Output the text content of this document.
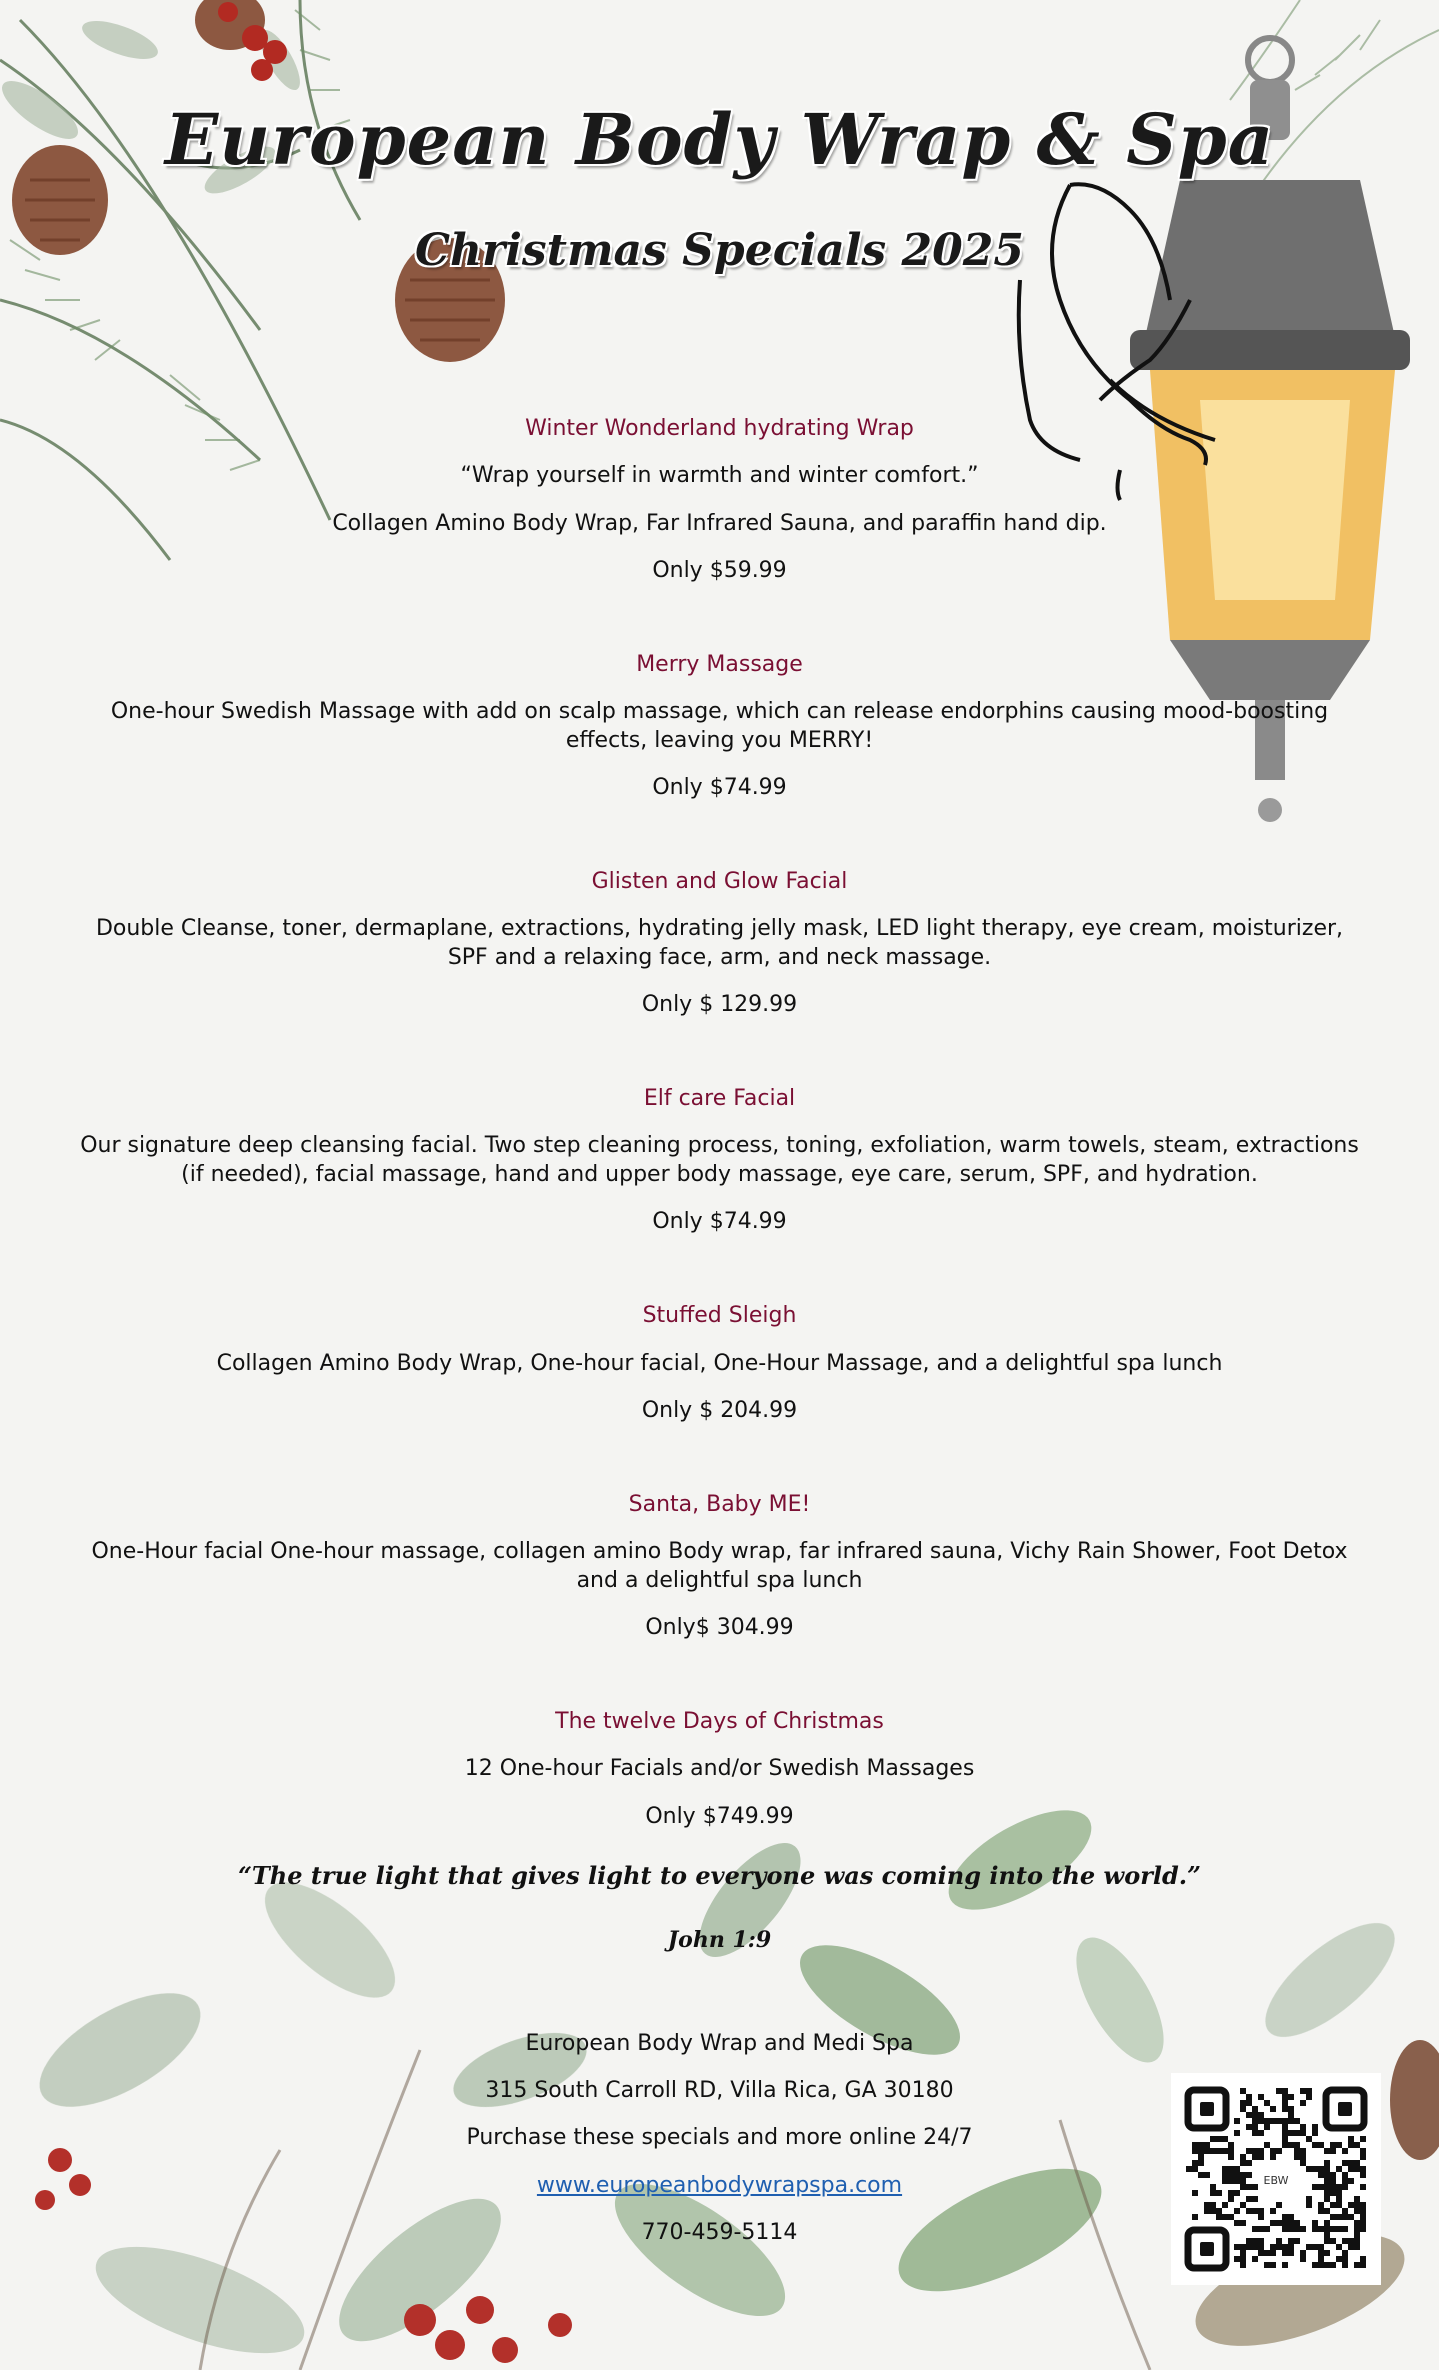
European Body Wrap & Spa
Christmas Specials 2025
Winter Wonderland hydrating Wrap
“Wrap yourself in warmth and winter comfort.”
Collagen Amino Body Wrap, Far Infrared Sauna, and paraffin hand dip.
Only $59.99
Merry Massage
One-hour Swedish Massage with add on scalp massage, which can release endorphins causing mood-boosting effects, leaving you MERRY!
Only $74.99
Glisten and Glow Facial
Double Cleanse, toner, dermaplane, extractions, hydrating jelly mask, LED light therapy, eye cream, moisturizer, SPF and a relaxing face, arm, and neck massage.
Only $ 129.99
Elf care Facial
Our signature deep cleansing facial. Two step cleaning process, toning, exfoliation, warm towels, steam, extractions (if needed), facial massage, hand and upper body massage, eye care, serum, SPF, and hydration.
Only $74.99
Stuffed Sleigh
Collagen Amino Body Wrap, One-hour facial, One-Hour Massage, and a delightful spa lunch
Only $ 204.99
Santa, Baby ME!
One-Hour facial One-hour massage, collagen amino Body wrap, far infrared sauna, Vichy Rain Shower, Foot Detox and a delightful spa lunch
Only$ 304.99
The twelve Days of Christmas
12 One-hour Facials and/or Swedish Massages
Only $749.99
“The true light that gives light to everyone was coming into the world.”
John 1:9
European Body Wrap and Medi Spa
315 South Carroll RD, Villa Rica, GA 30180
Purchase these specials and more online 24/7
www.europeanbodywrapspa.com
770-459-5114
EBW
